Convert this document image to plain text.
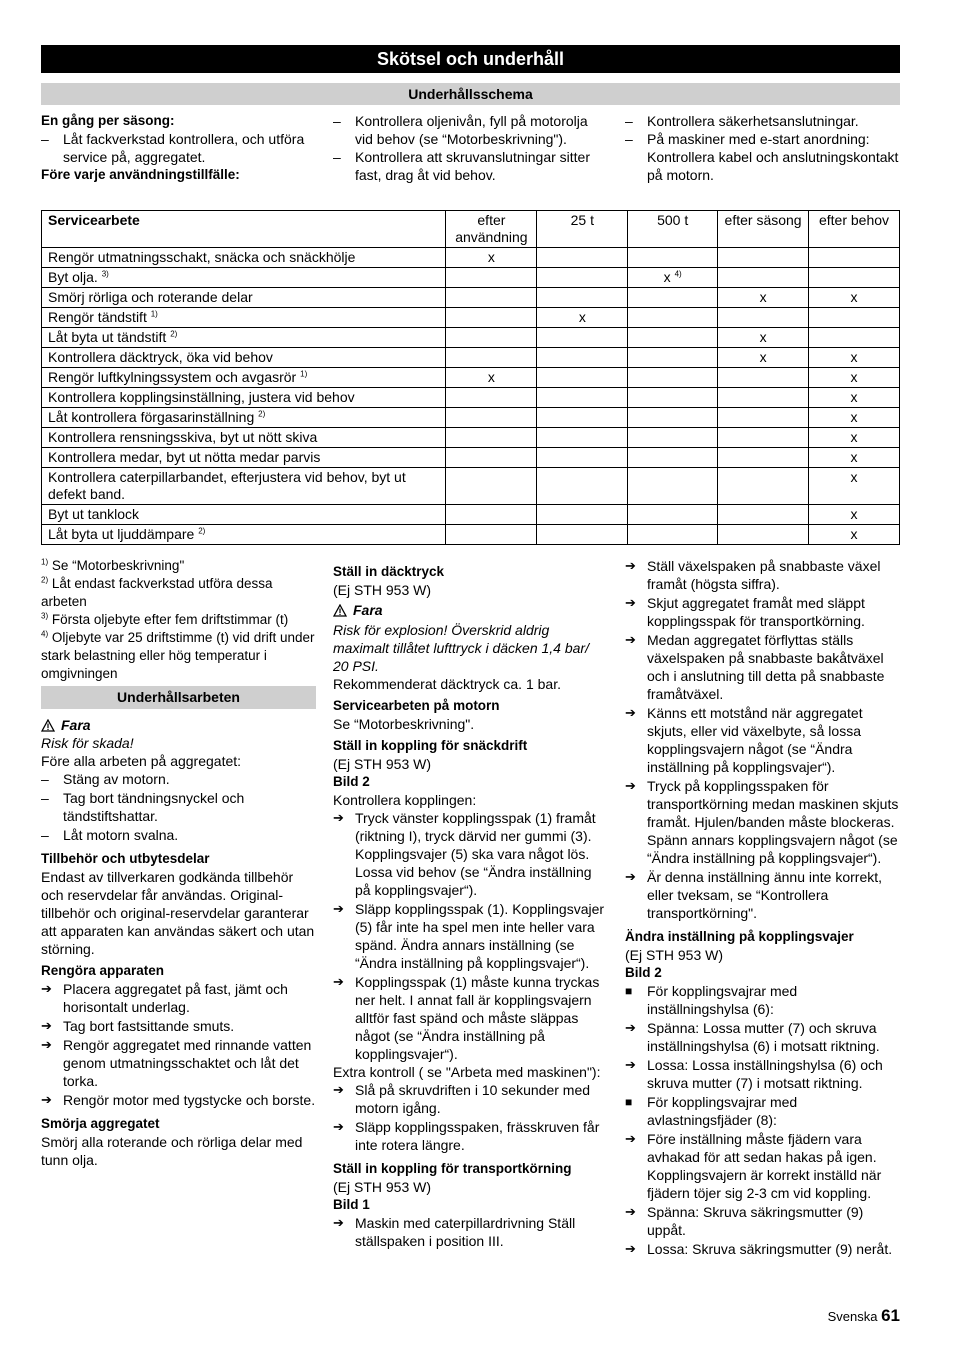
Skötsel och underhåll
Underhållsschema

En gång per säsong:

–	Låt fackverkstad kontrollera, och utföra service på, aggregatet.

Före varje användningstillfälle:

–	Kontrollera oljenivån, fyll på motorolja vid behov (se “Motorbeskrivning").
–	Kontrollera att skruvanslutningar sitter fast, drag åt vid behov.
–	Kontrollera säkerhetsanslutningar.
–	På maskiner med e-start anordning: Kontrollera kabel och anslutningskontakt på motorn.
Servicearbete	efter användning	25 t	500 t	efter säsong	efter behov
Rengör utmatningsschakt, snäcka och snäckhölje	x				
Byt olja. $^{3)}$			x $^{4)}$		
Smörj rörliga och roterande delar				x	x
Rengör tändstift $^{1)}$		x			
Låt byta ut tändstift $^{2)}$				x	
Kontrollera däcktryck, öka vid behov				x	x
Rengör luftkylningssystem och avgasrör $^{1)}$	x				x
Kontrollera kopplingsinställning, justera vid behov					x
Låt kontrollera förgasarinställning $^{2)}$					x
Kontrollera rensningsskiva, byt ut nött skiva					x
Kontrollera medar, byt ut nötta medar parvis					x
Kontrollera caterpillarbandet, efterjustera vid behov, byt ut defekt band.					x
Byt ut tanklock					x
Låt byta ut ljuddämpare $^{2)}$					x

$^{1)}$ Se “Motorbeskrivning"

$^{2)}$ Låt endast fackverkstad utföra dessa arbeten

$^{3)}$ Första oljebyte efter fem driftstimmar (t)

$^{4)}$ Oljebyte var 25 driftstimme (t) vid drift under stark belastning eller hög temperatur i omgivningen

Underhållsarbeten
Fara

Risk för skada!

Före alla arbeten på aggregatet:

–	Stäng av motorn.
–	Tag bort tändningsnyckel och tändstiftshattar.
–	Låt motorn svalna.

Tillbehör och utbytesdelar

Endast av tillverkaren godkända tillbehör och reservdelar får användas. Original-tillbehör och original-reservdelar garanterar att apparaten kan användas säkert och utan störning.

Rengöra apparaten

➔ Placera aggregatet på fast, jämt och horisontalt underlag.
➔ Tag bort fastsittande smuts.
➔ Rengör aggregatet med rinnande vatten genom utmatningsschaktet och låt det torka.
➔ Rengör motor med tygstycke och borste.

Smörja aggregatet

Smörj alla roterande och rörliga delar med tunn olja.

Ställ in däcktryck

(Ej STH 953 W)

Fara

Risk för explosion! Överskrid aldrig maximalt tillåtet lufttryck i däcken 1,4 bar/ 20 PSI.

Rekommenderat däcktryck ca. 1 bar.

Servicearbeten på motorn

Se “Motorbeskrivning".

Ställ in koppling för snäckdrift

(Ej STH 953 W)

Bild 2

Kontrollera kopplingen:

➔ Tryck vänster kopplingsspak (1) framåt (riktning I), tryck därvid ner gummi (3). Kopplingsvajer (5) ska vara något lös. Lossa vid behov (se “Ändra inställning på kopplingsvajer“).
➔ Släpp kopplingsspak (1). Kopplingsvajer (5) får inte ha spel men inte heller vara spänd. Ändra annars inställning (se “Ändra inställning på kopplingsvajer“).
➔ Kopplingsspak (1) måste kunna tryckas ner helt. I annat fall är kopplingsvajern alltför fast spänd och måste släppas något (se “Ändra inställning på kopplingsvajer“).

Extra kontroll ( se "Arbeta med maskinen"):

➔ Slå på skruvdriften i 10 sekunder med motorn igång.
➔ Släpp kopplingsspaken, frässkruven får inte rotera längre.

Ställ in koppling för transportkörning

(Ej STH 953 W)

Bild 1

➔ Maskin med caterpillardrivning Ställ ställspaken i position III.
➔ Ställ växelspaken på snabbaste växel framåt (högsta siffra).
➔ Skjut aggregatet framåt med släppt kopplingsspak för transportkörning.
➔ Medan aggregatet förflyttas ställs växelspaken på snabbaste bakåtväxel och i anslutning till detta på snabbaste framåtväxel.
➔ Känns ett motstånd när aggregatet skjuts, eller vid växelbyte, så lossa kopplingsvajern något (se “Ändra inställning på kopplingsvajer“).
➔ Tryck på kopplingsspaken för transportkörning medan maskinen skjuts framåt. Hjulen/banden måste blockeras. Spänn annars kopplingsvajern något (se “Ändra inställning på kopplingsvajer“).
➔ Är denna inställning ännu inte korrekt, eller tveksam, se “Kontrollera transportkörning".

Ändra inställning på kopplingsvajer

(Ej STH 953 W)

Bild 2

■	För kopplingsvajrar med inställningshylsa (6):
➔ Spänna: Lossa mutter (7) och skruva inställningshylsa (6) i motsatt riktning.
➔ Lossa: Lossa inställningshylsa (6) och skruva mutter (7) i motsatt riktning.
■	För kopplingsvajrar med avlastningsfjäder (8):
➔ Före inställning måste fjädern vara avhakad för att sedan hakas på igen. Kopplingsvajern är korrekt inställd när fjädern töjer sig 2-3 cm vid koppling.
➔ Spänna: Skruva säkringsmutter (9) uppåt.
➔ Lossa: Skruva säkringsmutter (9) neråt.
Svenska 61
